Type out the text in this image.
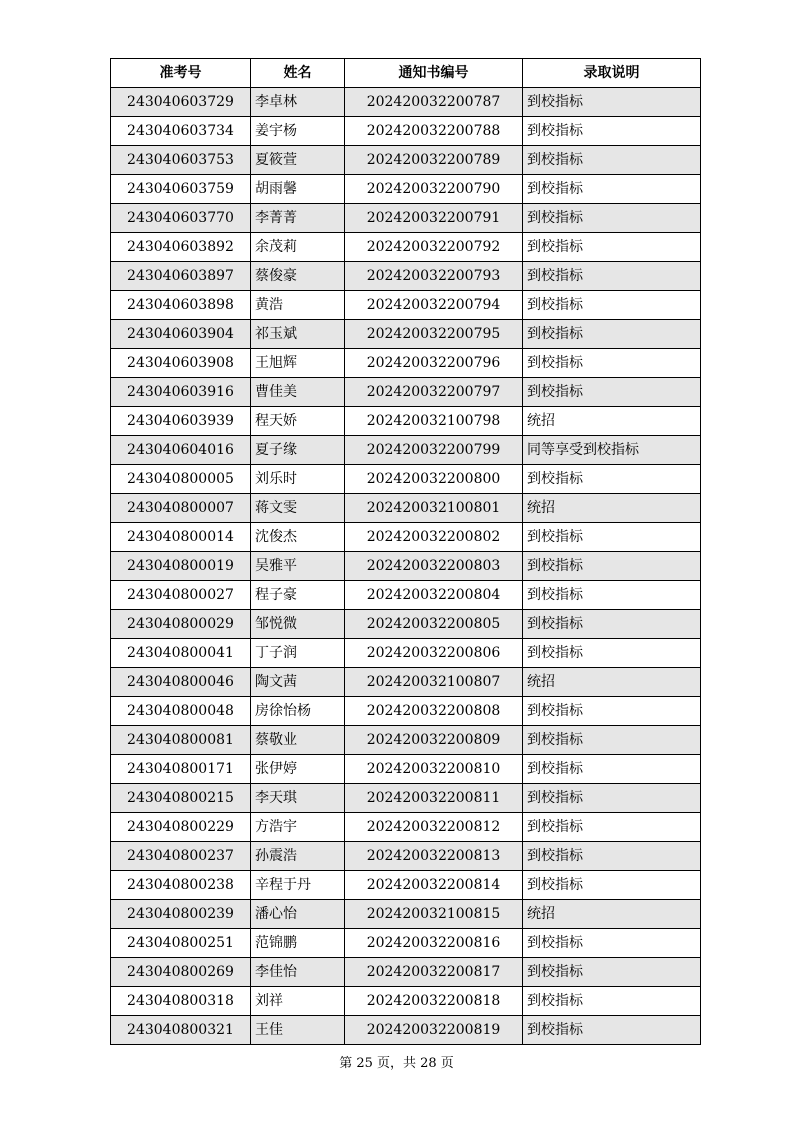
准考号	姓名	通知书编号	录取说明
243040603729	李卓林	202420032200787	到校指标
243040603734	姜宇杨	202420032200788	到校指标
243040603753	夏筱萱	202420032200789	到校指标
243040603759	胡雨馨	202420032200790	到校指标
243040603770	李菁菁	202420032200791	到校指标
243040603892	余茂莉	202420032200792	到校指标
243040603897	蔡俊豪	202420032200793	到校指标
243040603898	黄浩	202420032200794	到校指标
243040603904	祁玉斌	202420032200795	到校指标
243040603908	王旭辉	202420032200796	到校指标
243040603916	曹佳美	202420032200797	到校指标
243040603939	程天娇	202420032100798	统招
243040604016	夏子缘	202420032200799	同等享受到校指标
243040800005	刘乐时	202420032200800	到校指标
243040800007	蒋文雯	202420032100801	统招
243040800014	沈俊杰	202420032200802	到校指标
243040800019	吴雅平	202420032200803	到校指标
243040800027	程子豪	202420032200804	到校指标
243040800029	邹悦微	202420032200805	到校指标
243040800041	丁子润	202420032200806	到校指标
243040800046	陶文茜	202420032100807	统招
243040800048	房徐怡杨	202420032200808	到校指标
243040800081	蔡敬业	202420032200809	到校指标
243040800171	张伊婷	202420032200810	到校指标
243040800215	李天琪	202420032200811	到校指标
243040800229	方浩宇	202420032200812	到校指标
243040800237	孙震浩	202420032200813	到校指标
243040800238	辛程于丹	202420032200814	到校指标
243040800239	潘心怡	202420032100815	统招
243040800251	范锦鹏	202420032200816	到校指标
243040800269	李佳怡	202420032200817	到校指标
243040800318	刘祥	202420032200818	到校指标
243040800321	王佳	202420032200819	到校指标
第 25 页，共 28 页
